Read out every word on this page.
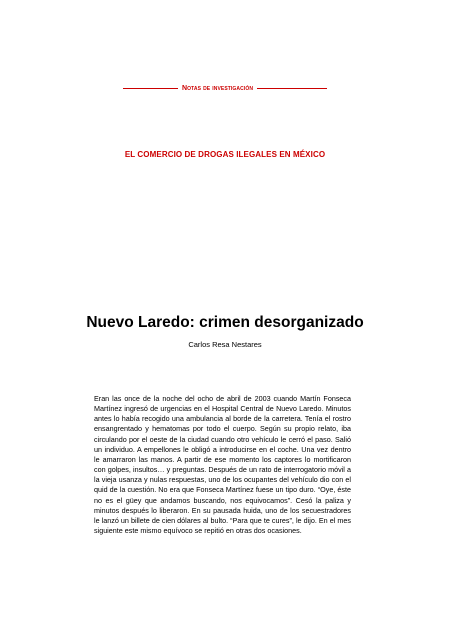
Notas de investigación
EL COMERCIO DE DROGAS ILEGALES EN MÉXICO
Nuevo Laredo: crimen desorganizado
Carlos Resa Nestares

Eran las once de la noche del ocho de abril de 2003 cuando Martín Fonseca Martínez ingresó de urgencias en el Hospital Central de Nuevo Laredo. Minutos antes lo había recogido una ambulancia al borde de la carretera. Tenía el rostro ensangrentado y hematomas por todo el cuerpo. Según su propio relato, iba circulando por el oeste de la ciudad cuando otro vehículo le cerró el paso. Salió un individuo. A empellones le obligó a introducirse en el coche. Una vez dentro le amarraron las manos. A partir de ese momento los captores lo mortificaron con golpes, insultos… y preguntas. Después de un rato de interrogatorio móvil a la vieja usanza y nulas respuestas, uno de los ocupantes del vehículo dio con el quid de la cuestión. No era que Fonseca Martínez fuese un tipo duro. “Oye, éste no es el güey que andamos buscando, nos equivocamos”. Cesó la paliza y minutos después lo liberaron. En su pausada huida, uno de los secuestradores le lanzó un billete de cien dólares al bulto. “Para que te cures”, le dijo. En el mes siguiente este mismo equívoco se repitió en otras dos ocasiones.
